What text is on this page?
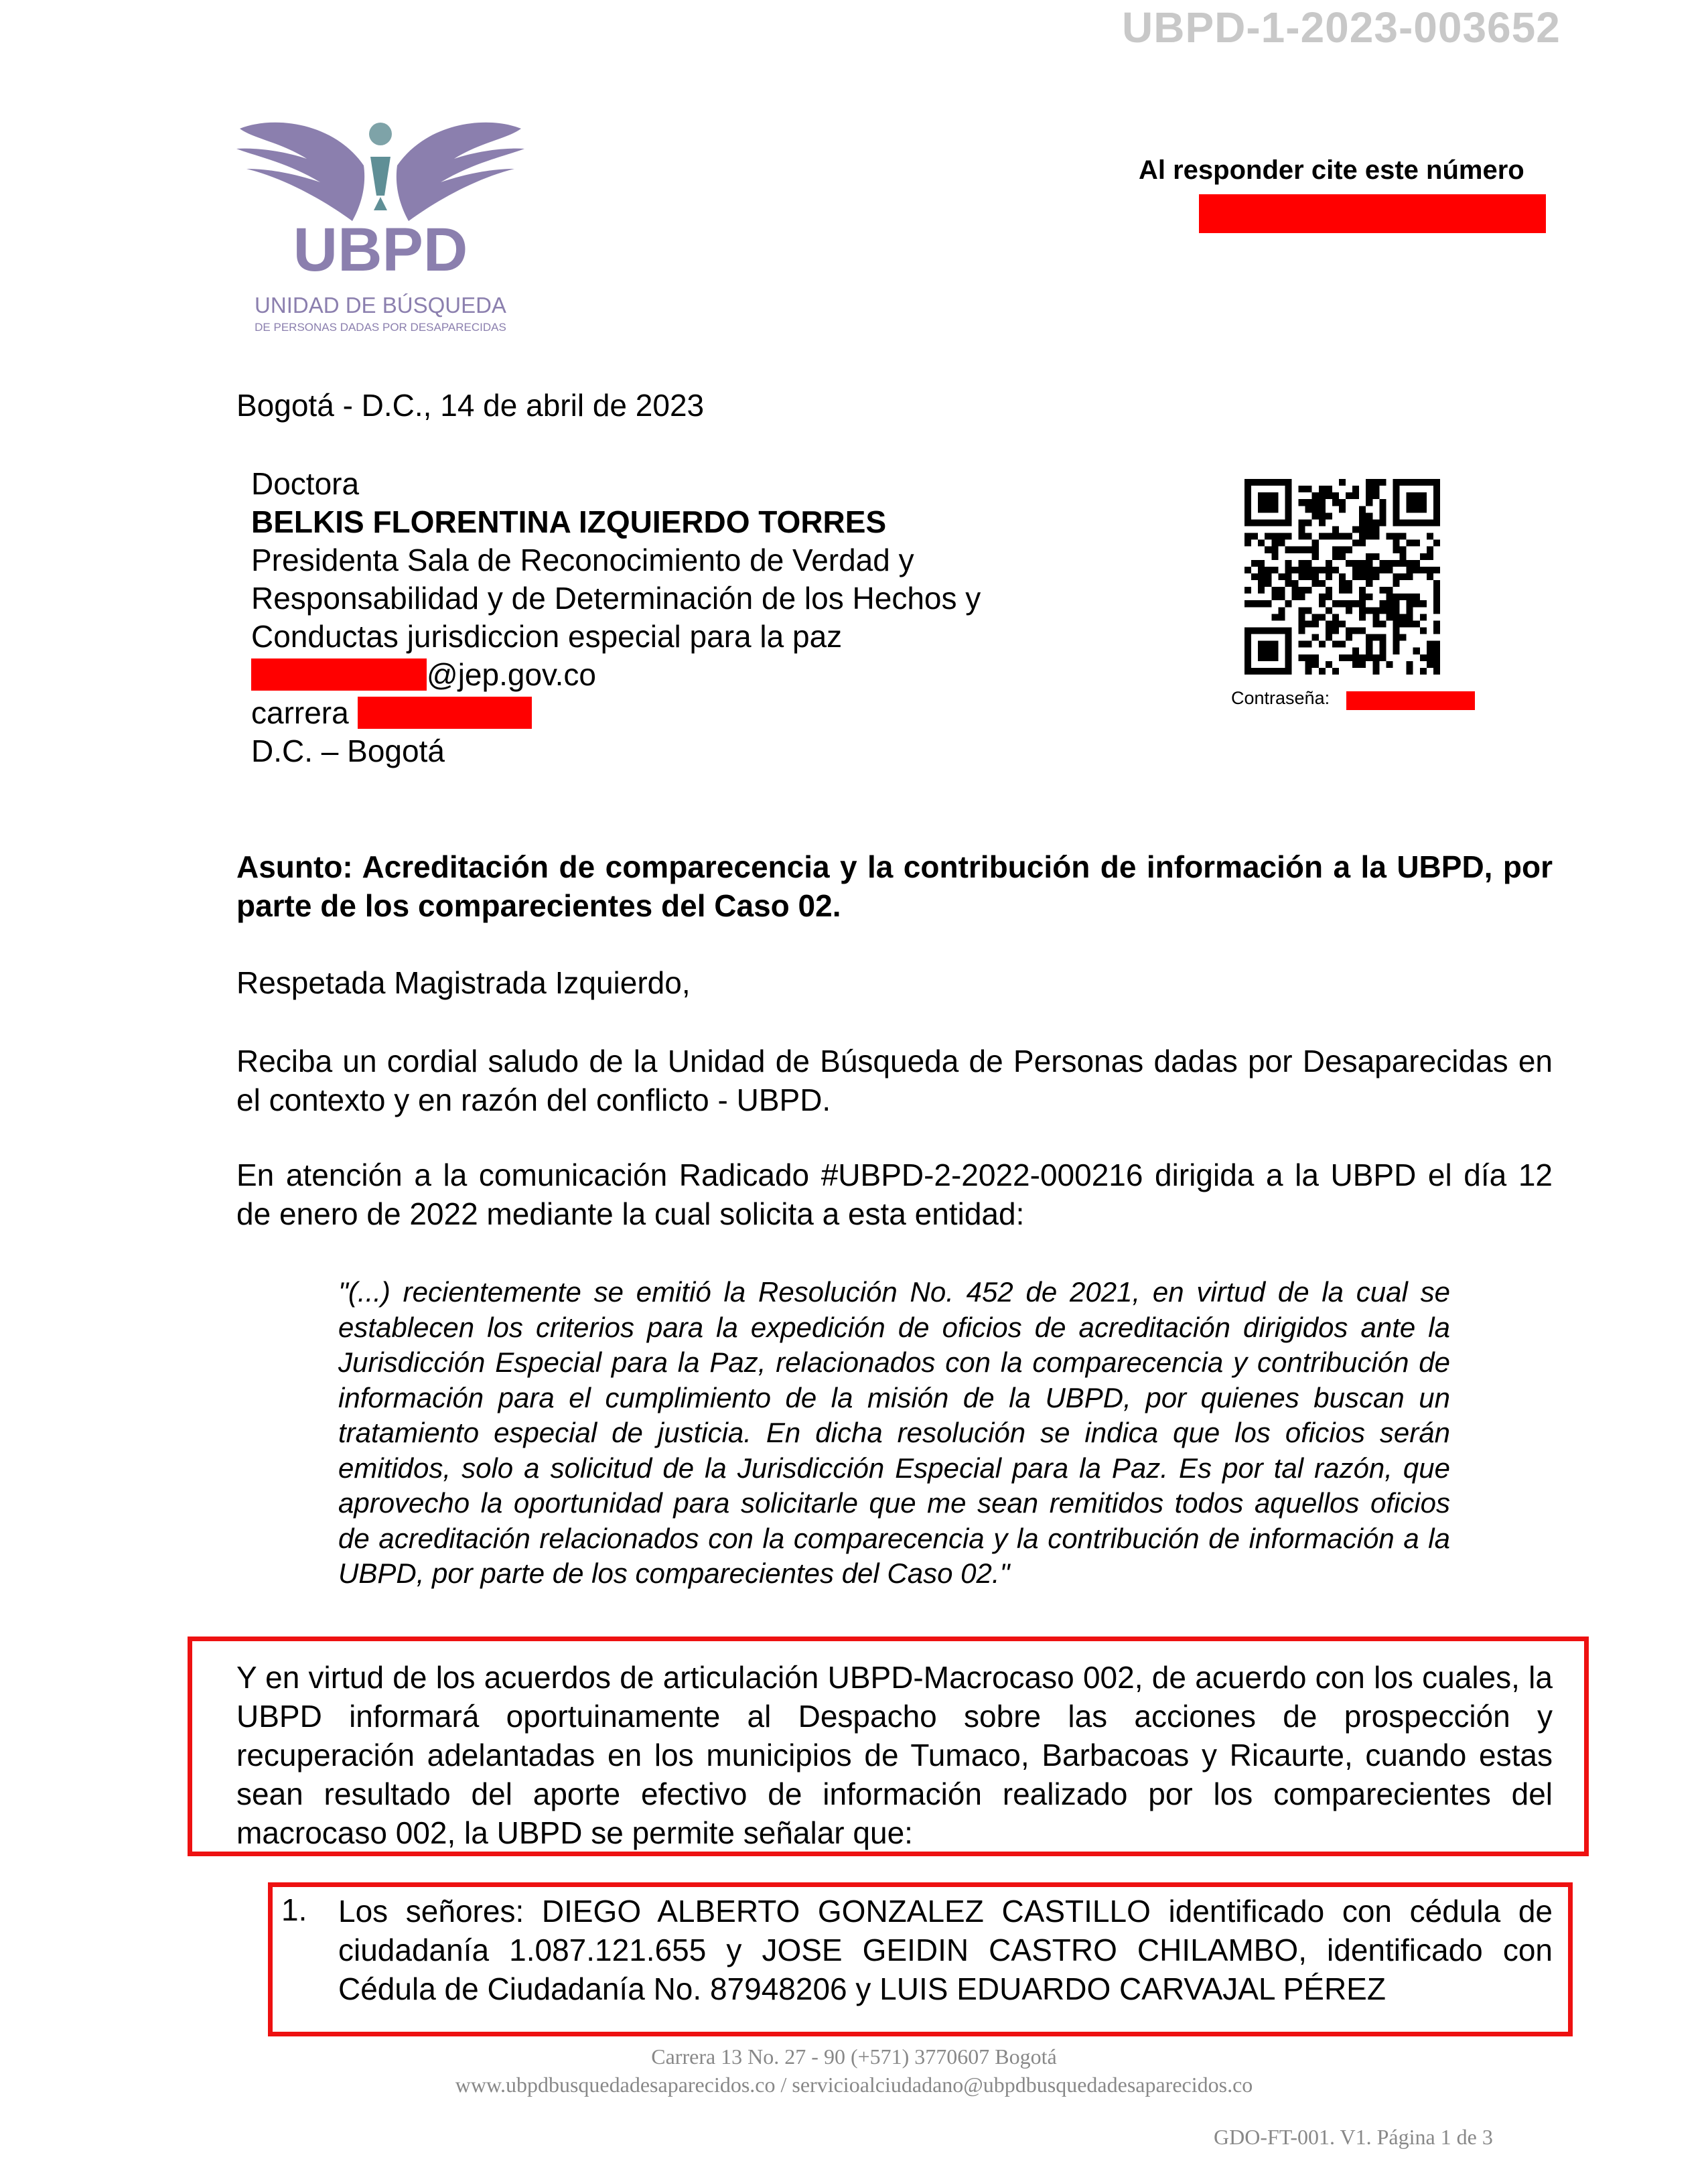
UBPD-1-2023-003652
UBPD
UNIDAD DE BÚSQUEDA
DE PERSONAS DADAS POR DESAPARECIDAS
Al responder cite este número
Bogotá - D.C., 14 de abril de 2023
Doctora
BELKIS FLORENTINA IZQUIERDO TORRES
Presidenta Sala de Reconocimiento de Verdad y
Responsabilidad y de Determinación de los Hechos y
Conductas jurisdiccion especial para la paz
@jep.gov.co
carrera
D.C. – Bogotá
Contraseña:
Asunto: Acreditación de comparecencia y la contribución de información a la UBPD, por parte de los comparecientes del Caso 02.
Respetada Magistrada Izquierdo,
Reciba un cordial saludo de la Unidad de Búsqueda de Personas dadas por Desaparecidas en el contexto y en razón del conflicto - UBPD.
En atención a la comunicación Radicado #UBPD-2-2022-000216 dirigida a la UBPD el día 12 de enero de 2022 mediante la cual solicita a esta entidad:
"(...) recientemente se emitió la Resolución No. 452 de 2021, en virtud de la cual se establecen los criterios para la expedición de oficios de acreditación dirigidos ante la Jurisdicción Especial para la Paz, relacionados con la comparecencia y contribución de información para el cumplimiento de la misión de la UBPD, por quienes buscan un tratamiento especial de justicia. En dicha resolución se indica que los oficios serán emitidos, solo a solicitud de la Jurisdicción Especial para la Paz. Es por tal razón, que aprovecho la oportunidad para solicitarle que me sean remitidos todos aquellos oficios de acreditación relacionados con la comparecencia y la contribución de información a la UBPD, por parte de los comparecientes del Caso 02."
Y en virtud de los acuerdos de articulación UBPD-Macrocaso 002, de acuerdo con los cuales, la UBPD informará oportuinamente al Despacho sobre las acciones de prospección y recuperación adelantadas en los municipios de Tumaco, Barbacoas y Ricaurte, cuando estas sean resultado del aporte efectivo de información realizado por los comparecientes del macrocaso 002, la UBPD se permite señalar que:
1. Los señores: DIEGO ALBERTO GONZALEZ CASTILLO identificado con cédula de ciudadanía 1.087.121.655 y JOSE GEIDIN CASTRO CHILAMBO, identificado con Cédula de Ciudadanía No. 87948206 y LUIS EDUARDO CARVAJAL PÉREZ
Carrera 13 No. 27 - 90 (+571) 3770607 Bogotá
www.ubpdbusquedadesaparecidos.co / servicioalciudadano@ubpdbusquedadesaparecidos.co
GDO-FT-001. V1. Página 1 de 3
